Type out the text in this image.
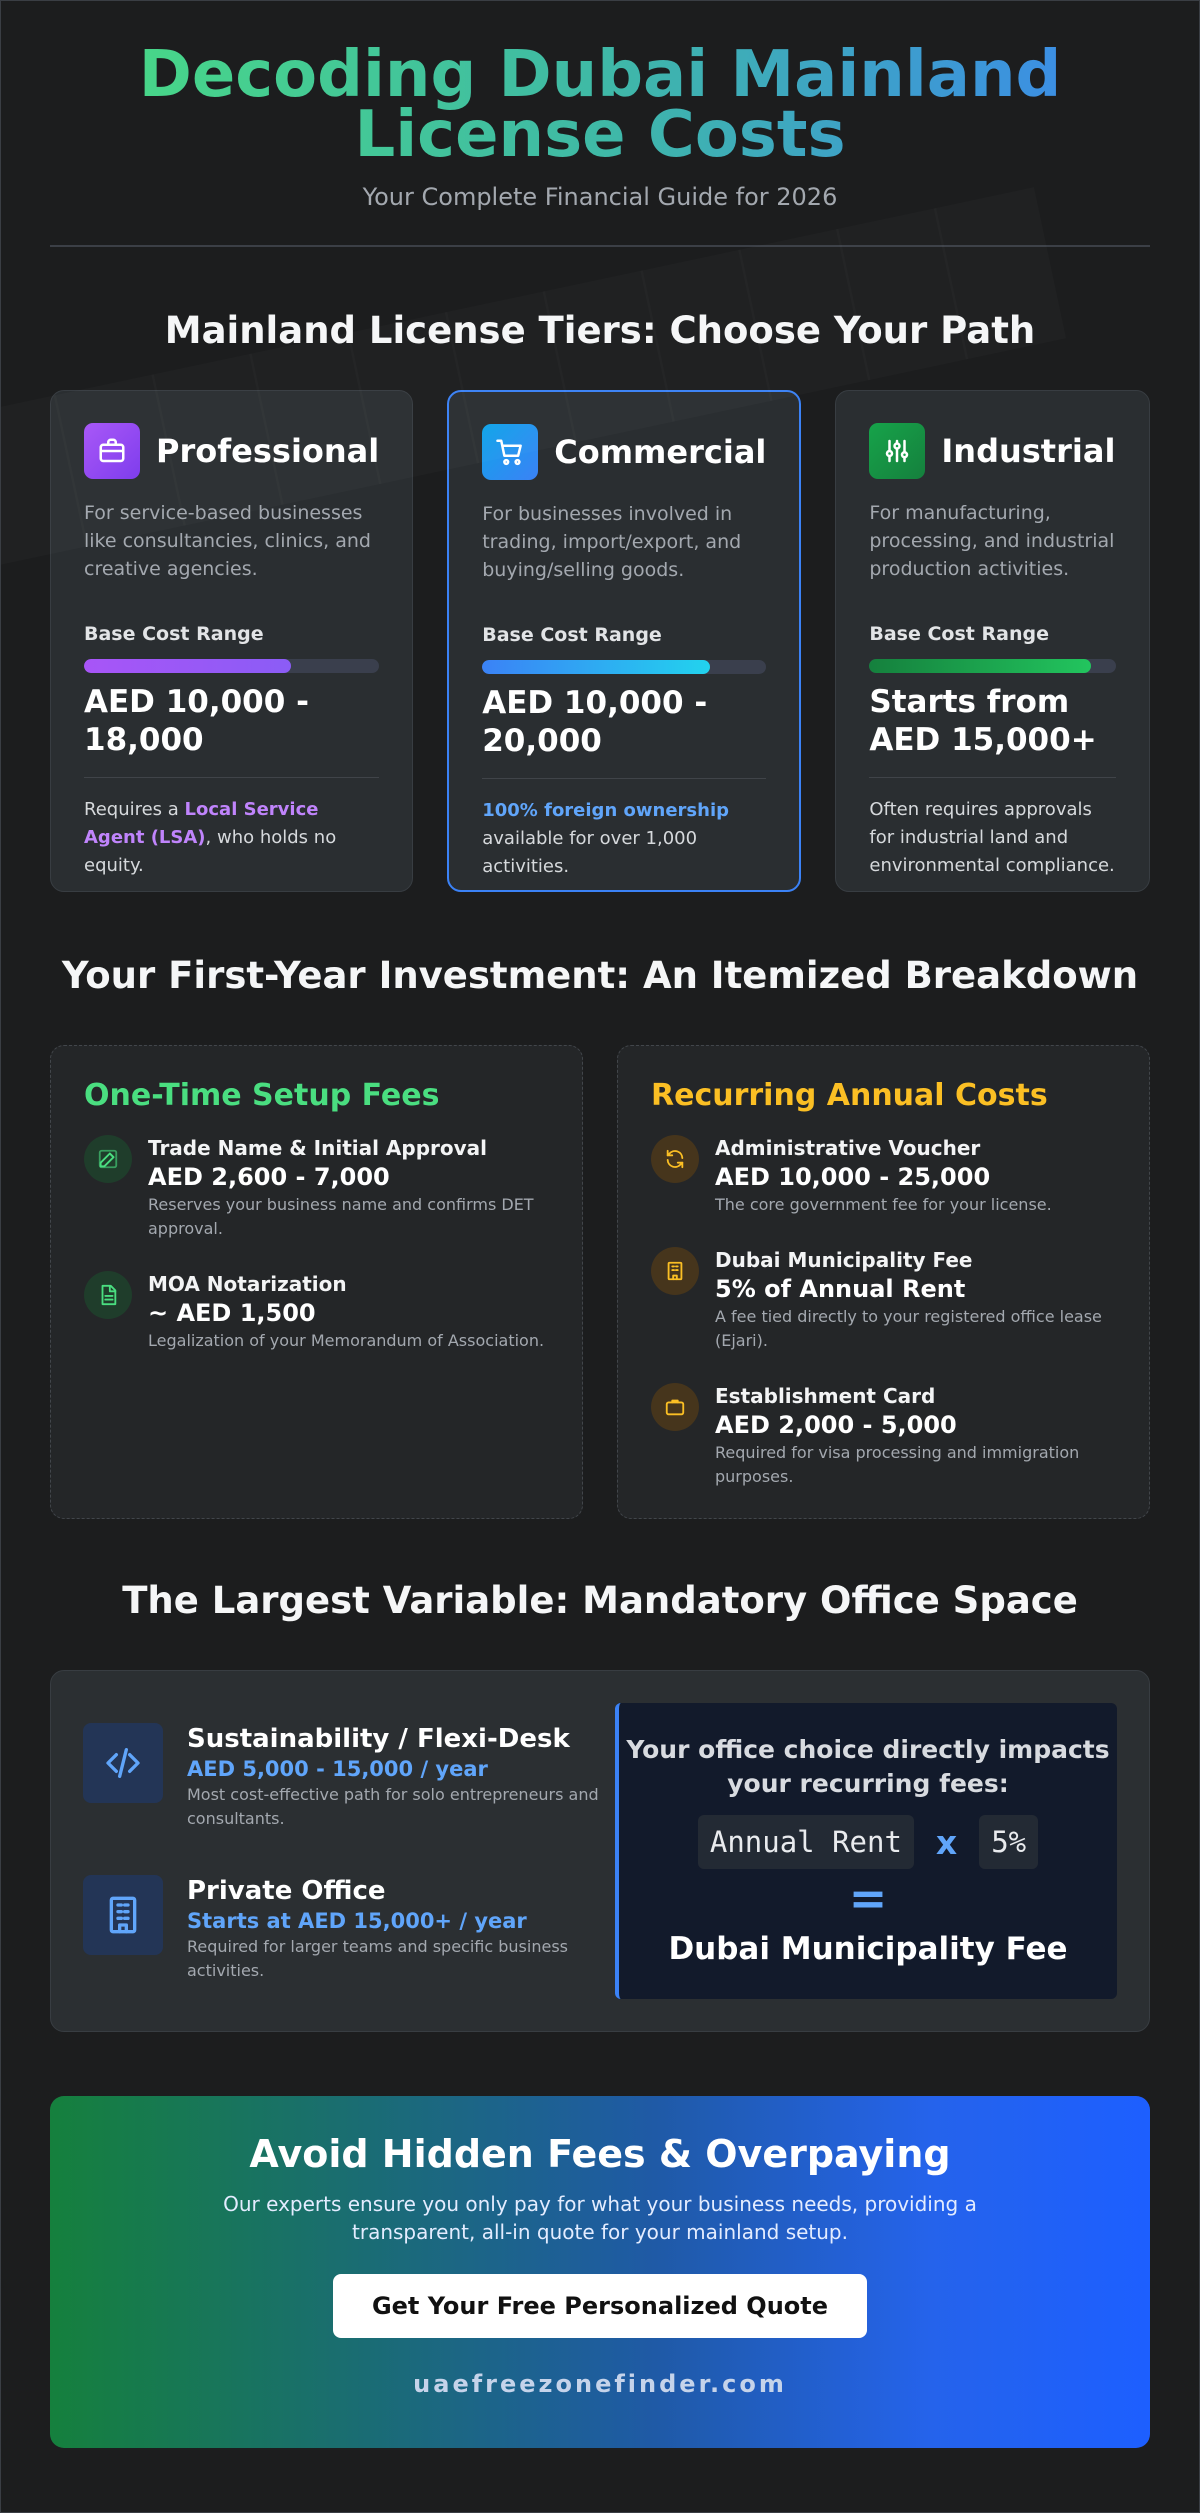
Decoding Dubai Mainland
License Costs
Your Complete Financial Guide for 2026
Mainland License Tiers: Choose Your Path
Professional
For service-based businesses like consultancies, clinics, and creative agencies.
Base Cost Range
AED 10,000 - 18,000
Requires a Local Service Agent (LSA), who holds no equity.
Commercial
For businesses involved in trading, import/export, and buying/selling goods.
Base Cost Range
AED 10,000 - 20,000
100% foreign ownership available for over 1,000 activities.
Industrial
For manufacturing, processing, and industrial production activities.
Base Cost Range
Starts from AED 15,000+
Often requires approvals for industrial land and environmental compliance.
Your First-Year Investment: An Itemized Breakdown
One-Time Setup Fees
Trade Name & Initial Approval
AED 2,600 - 7,000
Reserves your business name and confirms DET approval.
MOA Notarization
~ AED 1,500
Legalization of your Memorandum of Association.
Recurring Annual Costs
Administrative Voucher
AED 10,000 - 25,000
The core government fee for your license.
Dubai Municipality Fee
5% of Annual Rent
A fee tied directly to your registered office lease (Ejari).
Establishment Card
AED 2,000 - 5,000
Required for visa processing and immigration purposes.
The Largest Variable: Mandatory Office Space
Sustainability / Flexi-Desk
AED 5,000 - 15,000 / year
Most cost-effective path for solo entrepreneurs and consultants.
Private Office
Starts at AED 15,000+ / year
Required for larger teams and specific business activities.
Your office choice directly impacts your recurring fees:
Annual Rent	x	5%
=
Dubai Municipality Fee
Avoid Hidden Fees & Overpaying
Our experts ensure you only pay for what your business needs, providing a transparent, all-in quote for your mainland setup.
Get Your Free Personalized Quote
uaefreezonefinder.com
